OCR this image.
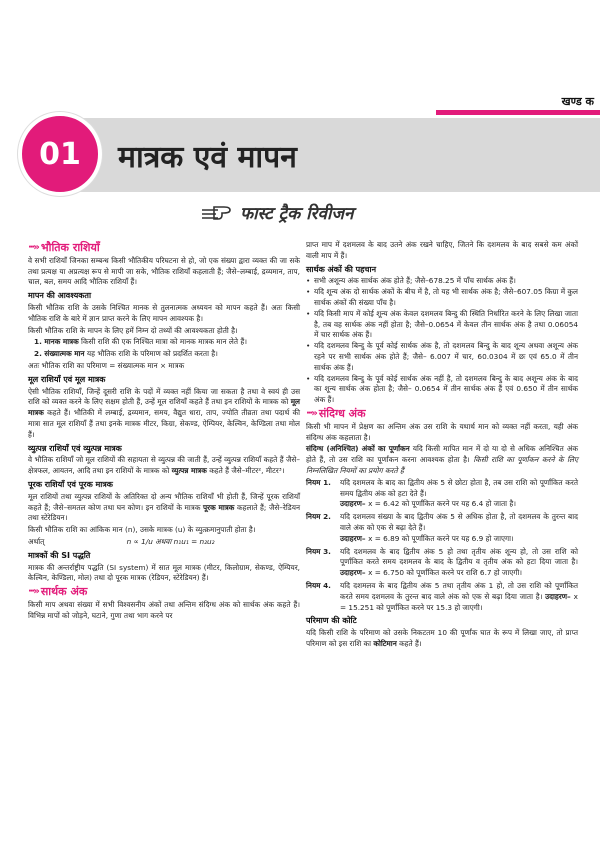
खण्ड क
01 मात्रक एवं मापन
फास्ट ट्रैक रिवीजन
···» भौतिक राशियाँ

वे सभी राशियाँ जिनका सम्बन्ध किसी भौतिकीय परिघटना से हो, जो एक संख्या द्वारा व्यक्त की जा सके तथा प्रत्यक्ष या अप्रत्यक्ष रूप से मापी जा सके, भौतिक राशियाँ कहलाती हैं; जैसे–लम्बाई, द्रव्यमान, ताप, चाल, बल, समय आदि भौतिक राशियाँ हैं।

मापन की आवश्यकता

किसी भौतिक राशि के उसके निश्चित मानक से तुलनात्मक अध्ययन को मापन कहते हैं। अतः किसी भौतिक राशि के बारे में ज्ञान प्राप्त करने के लिए मापन आवश्यक है।

किसी भौतिक राशि के मापन के लिए हमें निम्न दो तथ्यों की आवश्यकता होती है।

1. मानक मात्रक किसी राशि की एक निश्चित मात्रा को मानक मात्रक मान लेते हैं।

2. संख्यात्मक मान यह भौतिक राशि के परिमाण को प्रदर्शित करता है।

अतः भौतिक राशि का परिमाण = संख्यात्मक मान × मात्रक

मूल राशियाँ एवं मूल मात्रक

ऐसी भौतिक राशियाँ, जिन्हें दूसरी राशि के पदों में व्यक्त नहीं किया जा सकता है तथा वे स्वयं ही उस राशि को व्यक्त करने के लिए सक्षम होती हैं, उन्हें मूल राशियाँ कहते हैं तथा इन राशियों के मात्रक को मूल मात्रक कहते हैं। भौतिकी में लम्बाई, द्रव्यमान, समय, वैद्युत धारा, ताप, ज्योति तीव्रता तथा पदार्थ की मात्रा सात मूल राशियाँ हैं तथा इनके मात्रक मीटर, किग्रा, सेकण्ड, ऐम्पियर, केल्विन, केण्डिला तथा मोल हैं।

व्युत्पन्न राशियाँ एवं व्युत्पन्न मात्रक

वे भौतिक राशियाँ जो मूल राशियों की सहायता से व्युत्पन्न की जाती हैं, उन्हें व्युत्पन्न राशियाँ कहते हैं जैसे–क्षेत्रफल, आयतन, आदि तथा इन राशियों के मात्रक को व्युत्पन्न मात्रक कहते हैं जैसे–मीटर², मीटर³।

पूरक राशियाँ एवं पूरक मात्रक

मूल राशियों तथा व्युत्पन्न राशियों के अतिरिक्त दो अन्य भौतिक राशियाँ भी होती हैं, जिन्हें पूरक राशियाँ कहते हैं; जैसे–समतल कोण तथा घन कोण। इन राशियों के मात्रक पूरक मात्रक कहलाते हैं; जैसे–रेडियन तथा स्टेरेडियन।

किसी भौतिक राशि का आंकिक मान (n), उसके मात्रक (u) के व्युत्क्रमानुपाती होता है।

अर्थात्	n ∝ 1/u अथवा n₁u₁ = n₂u₂

मात्रकों की SI पद्धति

मात्रक की अन्तर्राष्ट्रीय पद्धति (SI system) में सात मूल मात्रक (मीटर, किलोग्राम, सेकण्ड, ऐम्पियर, केल्विन, केण्डिला, मोल) तथा दो पूरक मात्रक (रेडियन, स्टेरेडियन) हैं।

···» सार्थक अंक

किसी माप अथवा संख्या में सभी विश्वसनीय अंकों तथा अन्तिम संदिग्ध अंक को सार्थक अंक कहते हैं। विभिन्न मापों को जोड़ने, घटाने, गुणा तथा भाग करने पर

प्राप्त माप में दशमलव के बाद उतने अंक रखने चाहिए, जितने कि दशमलव के बाद सबसे कम अंकों वाली माप में हैं।

सार्थक अंकों की पहचान
• सभी अशून्य अंक सार्थक अंक होते हैं; जैसे–678.25 में पाँच सार्थक अंक हैं।
• यदि शून्य अंक दो सार्थक अंकों के बीच में है, तो यह भी सार्थक अंक है; जैसे–607.05 किग्रा में कुल सार्थक अंकों की संख्या पाँच है।
• यदि किसी माप में कोई शून्य अंक केवल दशमलव बिन्दु की स्थिति निर्धारित करने के लिए लिखा जाता है, तब वह सार्थक अंक नहीं होता है; जैसे–0.0654 में केवल तीन सार्थक अंक है तथा 0.06054 में चार सार्थक अंक हैं।
• यदि दशमलव बिन्दु के पूर्व कोई सार्थक अंक है, तो दशमलव बिन्दु के बाद शून्य अथवा अशून्य अंक रहने पर सभी सार्थक अंक होते हैं; जैसे– 6.007 में चार, 60.0304 में छः एवं 65.0 में तीन सार्थक अंक हैं।
• यदि दशमलव बिन्दु के पूर्व कोई सार्थक अंक नहीं है, तो दशमलव बिन्दु के बाद अशून्य अंक के बाद का शून्य सार्थक अंक होता है; जैसे– 0.0654 में तीन सार्थक अंक हैं एवं 0.650 में तीन सार्थक अंक हैं।
···» संदिग्ध अंक

किसी भी मापन में प्रेक्षण का अन्तिम अंक उस राशि के यथार्थ मान को व्यक्त नहीं करता, यही अंक संदिग्ध अंक कहलाता है।

संदिग्ध (अनिश्चित) अंकों का पूर्णांकन यदि किसी मापित मान में दो या दो से अधिक अनिश्चित अंक होते हैं, तो उस राशि का पूर्णांकन करना आवश्यक होता है। किसी राशि का पूर्णांकन करने के लिए निम्नलिखित नियमों का प्रयोग करते हैं

नियम 1.	यदि दशमलव के बाद का द्वितीय अंक 5 से छोटा होता है, तब उस राशि को पूर्णांकित करते समय द्वितीय अंक को हटा देते हैं।
उदाहरण– x = 6.42 को पूर्णांकित करने पर यह 6.4 हो जाता है।
नियम 2.	यदि दशमलव संख्या के बाद द्वितीय अंक 5 से अधिक होता है, तो दशमलव के तुरन्त बाद वाले अंक को एक से बढ़ा देते हैं।
उदाहरण– x = 6.89 को पूर्णांकित करने पर यह 6.9 हो जाएगा।
नियम 3.	यदि दशमलव के बाद द्वितीय अंक 5 हो तथा तृतीय अंक शून्य हो, तो उस राशि को पूर्णांकित करते समय दशमलव के बाद के द्वितीय व तृतीय अंक को हटा दिया जाता है। उदाहरण– x = 6.750 को पूर्णांकित करने पर राशि 6.7 हो जाएगी।
नियम 4.	यदि दशमलव के बाद द्वितीय अंक 5 तथा तृतीय अंक 1 हो, तो उस राशि को पूर्णांकित करते समय दशमलव के तुरन्त बाद वाले अंक को एक से बढ़ा दिया जाता है। उदाहरण– x = 15.251 को पूर्णांकित करने पर 15.3 हो जाएगी।
परिमाण की कोटि

यदि किसी राशि के परिमाण को उसके निकटतम 10 की पूर्णांक घात के रूप में लिखा जाए, तो प्राप्त परिमाण को इस राशि का कोटिमान कहते हैं।
